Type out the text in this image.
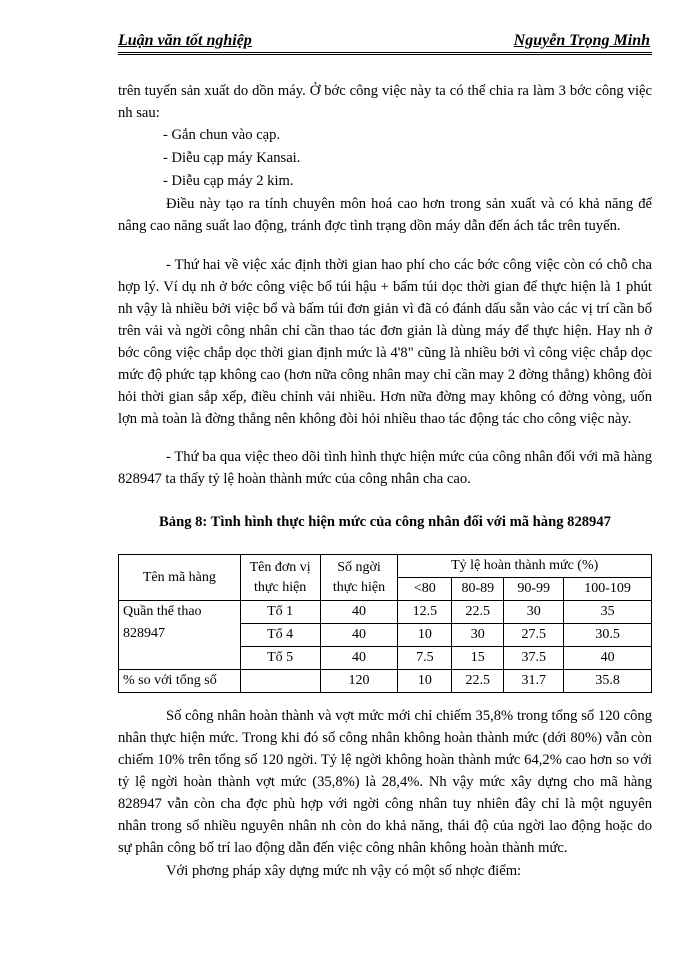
Luận văn tốt nghiệp	Nguyễn Trọng Minh

trên tuyến sản xuất do dồn máy. Ở bớc công việc này ta có thể chia ra làm 3 bớc công việc nh sau:

- Gắn chun vào cạp.
- Diễu cạp máy Kansai.
- Diễu cạp máy 2 kim.

Điều này tạo ra tính chuyên môn hoá cao hơn trong sản xuất và có khả năng để nâng cao năng suất lao động, tránh đợc tình trạng dồn máy dẫn đến ách tắc trên tuyến.

- Thứ hai về việc xác định thời gian hao phí cho các bớc công việc còn có chỗ cha hợp lý. Ví dụ nh ở bớc công việc bổ túi hậu + bấm túi dọc thời gian để thực hiện là 1 phút nh vậy là nhiều bởi việc bổ và bấm túi đơn giản vì đã có đánh dấu sẵn vào các vị trí cần bổ trên vải và ngời công nhân chỉ cần thao tác đơn giản là dùng máy để thực hiện. Hay nh ở bớc công việc chắp dọc thời gian định mức là 4'8" cũng là nhiều bởi vì công việc chắp dọc mức độ phức tạp không cao (hơn nữa công nhân may chỉ cần may 2 đờng thẳng) không đòi hỏi thời gian sắp xếp, điều chỉnh vải nhiều. Hơn nữa đờng may không có đờng vòng, uốn lợn mà toàn là đờng thẳng nên không đòi hỏi nhiều thao tác động tác cho công việc này.

- Thứ ba qua việc theo dõi tình hình thực hiện mức của công nhân đối với mã hàng 828947 ta thấy tỷ lệ hoàn thành mức của công nhân cha cao.

Bảng 8: Tình hình thực hiện mức của công nhân đối với mã hàng 828947
Tên mã hàng	Tên đơn vị thực hiện	Số ngời thực hiện	Tỷ lệ hoàn thành mức (%)			
			<80	80-89	90-99	100-109
Quần thể thao 828947	Tổ 1	40	12.5	22.5	30	35
	Tổ 4	40	10	30	27.5	30.5
	Tổ 5	40	7.5	15	37.5	40
% so với tổng số		120	10	22.5	31.7	35.8

Số công nhân hoàn thành và vợt mức mới chỉ chiếm 35,8% trong tổng số 120 công nhân thực hiện mức. Trong khi đó số công nhân không hoàn thành mức (dới 80%) vẫn còn chiếm 10% trên tổng số 120 ngời. Tỷ lệ ngời không hoàn thành mức 64,2% cao hơn so với tỷ lệ ngời hoàn thành vợt mức (35,8%) là 28,4%. Nh vậy mức xây dựng cho mã hàng 828947 vẫn còn cha đợc phù hợp với ngời công nhân tuy nhiên đây chỉ là một nguyên nhân trong số nhiều nguyên nhân nh còn do khả năng, thái độ của ngời lao động hoặc do sự phân công bố trí lao động dẫn đến việc công nhân không hoàn thành mức.

Với phơng pháp xây dựng mức nh vậy có một số nhợc điểm:
